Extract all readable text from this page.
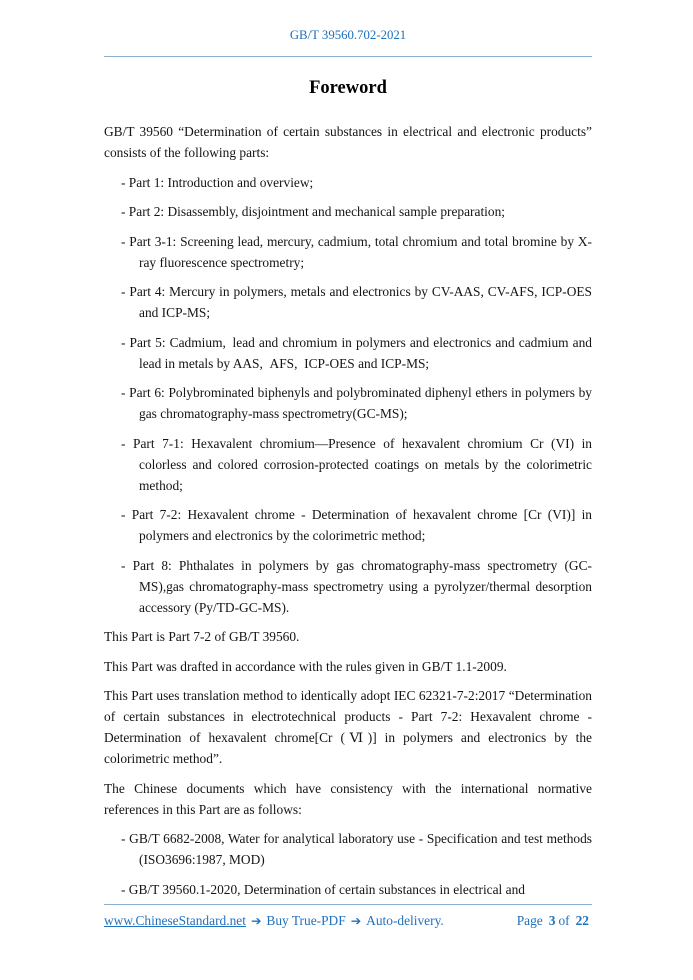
GB/T 39560.702-2021
Foreword

GB/T 39560 “Determination of certain substances in electrical and electronic products” consists of the following parts:

- Part 1: Introduction and overview;
- Part 2: Disassembly, disjointment and mechanical sample preparation;
- Part 3-1: Screening lead, mercury, cadmium, total chromium and total bromine by X-ray fluorescence spectrometry;
- Part 4: Mercury in polymers, metals and electronics by CV-AAS, CV-AFS, ICP-OES and ICP-MS;
- Part 5: Cadmium, lead and chromium in polymers and electronics and cadmium and lead in metals by AAS, AFS, ICP-OES and ICP-MS;
- Part 6: Polybrominated biphenyls and polybrominated diphenyl ethers in polymers by gas chromatography-mass spectrometry(GC-MS);
- Part 7-1: Hexavalent chromium—Presence of hexavalent chromium Cr (VI) in colorless and colored corrosion-protected coatings on metals by the colorimetric method;
- Part 7-2: Hexavalent chrome - Determination of hexavalent chrome [Cr (VI)] in polymers and electronics by the colorimetric method;
- Part 8: Phthalates in polymers by gas chromatography-mass spectrometry (GC-MS),gas chromatography-mass spectrometry using a pyrolyzer/thermal desorption accessory (Py/TD-GC-MS).

This Part is Part 7-2 of GB/T 39560.

This Part was drafted in accordance with the rules given in GB/T 1.1-2009.

This Part uses translation method to identically adopt IEC 62321-7-2:2017 “Determination of certain substances in electrotechnical products - Part 7-2: Hexavalent chrome - Determination of hexavalent chrome[Cr (Ⅵ)] in polymers and electronics by the colorimetric method”.

The Chinese documents which have consistency with the international normative references in this Part are as follows:

- GB/T 6682-2008, Water for analytical laboratory use - Specification and test methods (ISO3696:1987, MOD)
- GB/T 39560.1-2020, Determination of certain substances in electrical and
www.ChineseStandard.net ➔ Buy True-PDF ➔ Auto-delivery.	Page 3 of 22
